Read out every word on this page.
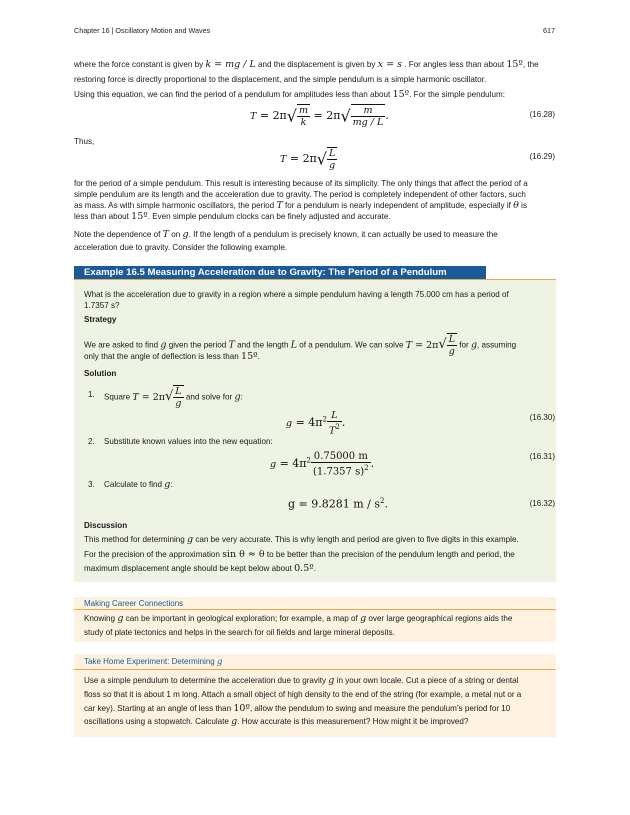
Chapter 16 | Oscillatory Motion and Waves	617
where the force constant is given by k = mg / L and the displacement is given by x = s . For angles less than about 15º, the
restoring force is directly proportional to the displacement, and the simple pendulum is a simple harmonic oscillator.
Using this equation, we can find the period of a pendulum for amplitudes less than about 15º. For the simple pendulum:
$T = 2\pi√ \frac{m}{k} = 2\pi√ \frac{m}{mg / L}$ .	(16.28)
Thus,
$T = 2\pi√ \frac{L}{g}$	(16.29)
for the period of a simple pendulum. This result is interesting because of its simplicity. The only things that affect the period of a
simple pendulum are its length and the acceleration due to gravity. The period is completely independent of other factors, such
as mass. As with simple harmonic oscillators, the period T for a pendulum is nearly independent of amplitude, especially if θ is
less than about 15º. Even simple pendulum clocks can be finely adjusted and accurate.
Note the dependence of T on g. If the length of a pendulum is precisely known, it can actually be used to measure the
acceleration due to gravity. Consider the following example.
Example 16.5 Measuring Acceleration due to Gravity: The Period of a Pendulum
What is the acceleration due to gravity in a region where a simple pendulum having a length 75.000 cm has a period of
1.7357 s?
Strategy
We are asked to find g given the period T and the length L of a pendulum. We can solve $T = 2\pi√ \frac{L}{g}$ for g, assuming
only that the angle of deflection is less than 15º.
Solution
1. Square $T = 2\pi√ \frac{L}{g}$ and solve for g:
$g = 4\pi^2 \frac{L}{T^2}$ .	(16.30)
2. Substitute known values into the new equation:
$g = 4\pi^2 \frac{0.75000 m}{(1.7357 s)^2}$ .
(16.31)
3. Calculate to find g:
g = 9.8281 m / $s^2$.	(16.32)
Discussion
This method for determining g can be very accurate. This is why length and period are given to five digits in this example.
For the precision of the approximation sin θ ≈ θ to be better than the precision of the pendulum length and period, the
maximum displacement angle should be kept below about 0.5º.
Making Career Connections
Knowing g can be important in geological exploration; for example, a map of g over large geographical regions aids the
study of plate tectonics and helps in the search for oil fields and large mineral deposits.
Take Home Experiment: Determining g
Use a simple pendulum to determine the acceleration due to gravity g in your own locale. Cut a piece of a string or dental
floss so that it is about 1 m long. Attach a small object of high density to the end of the string (for example, a metal nut or a
car key). Starting at an angle of less than 10º, allow the pendulum to swing and measure the pendulum’s period for 10
oscillations using a stopwatch. Calculate g. How accurate is this measurement? How might it be improved?
